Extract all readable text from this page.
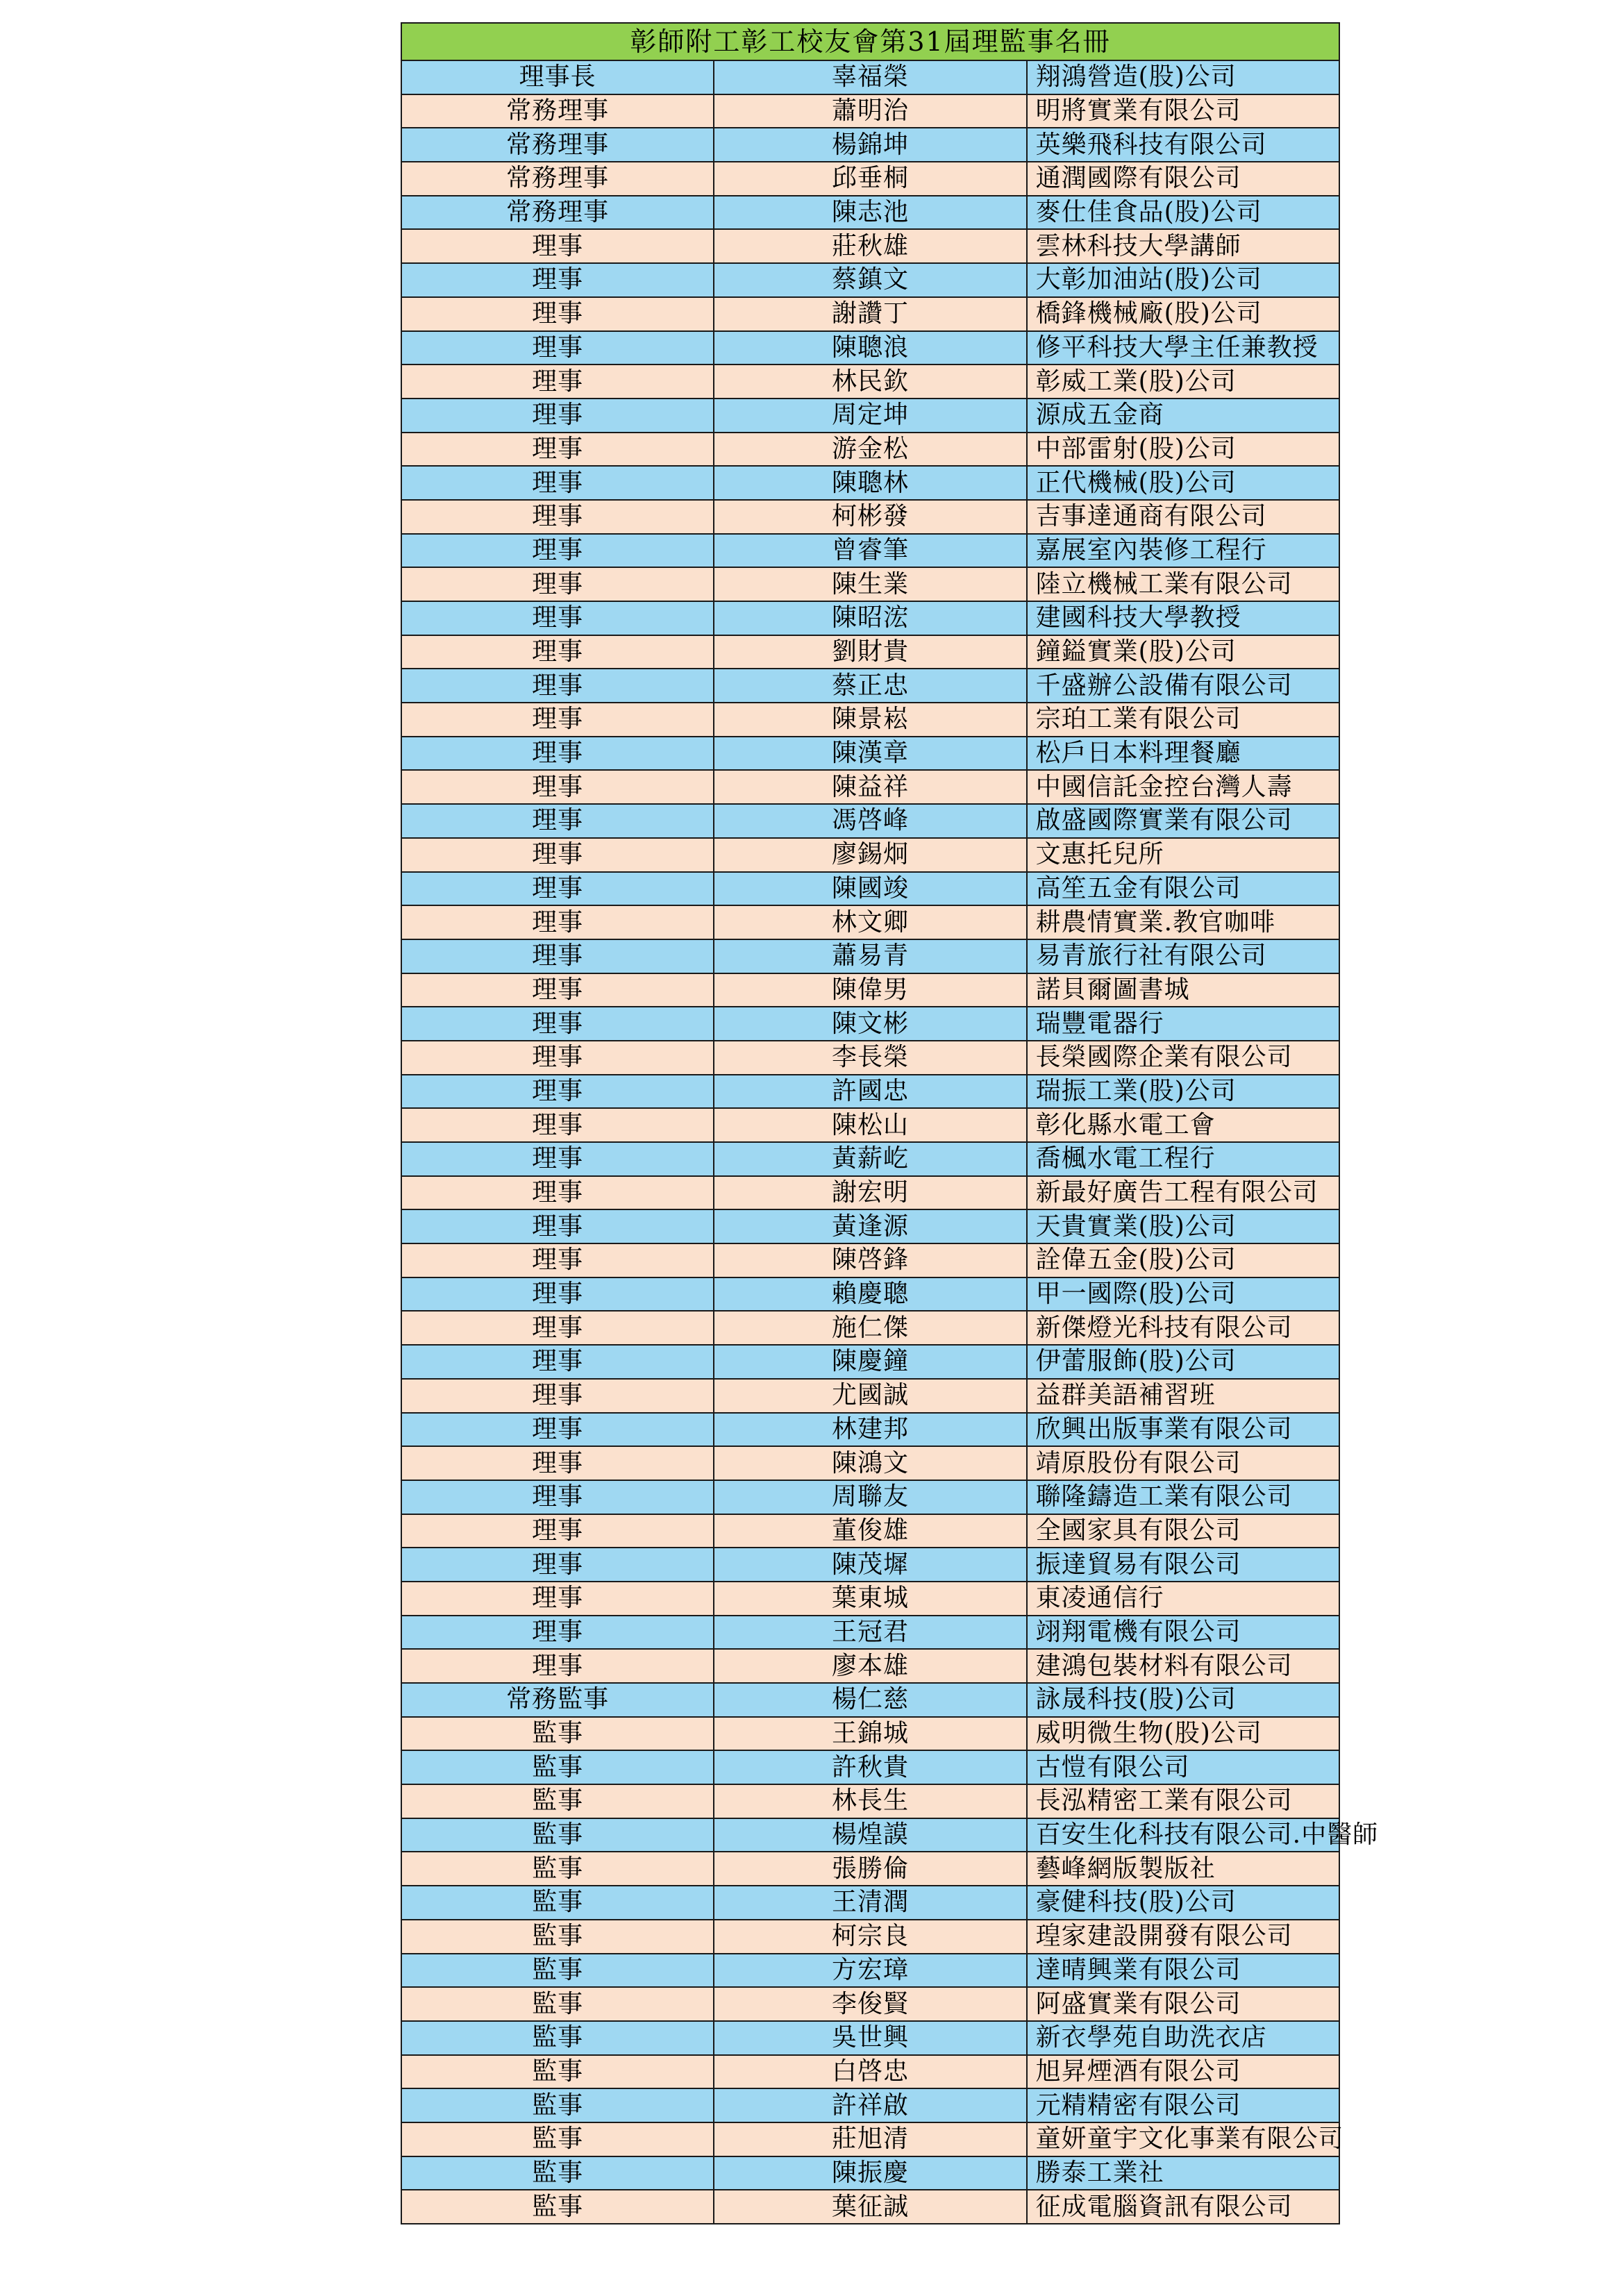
彰師附工彰工校友會第31屆理監事名冊		
理事長	辜福榮	翔鴻營造(股)公司
常務理事	蕭明治	明將實業有限公司
常務理事	楊錦坤	英樂飛科技有限公司
常務理事	邱垂桐	通潤國際有限公司
常務理事	陳志池	麥仕佳食品(股)公司
理事	莊秋雄	雲林科技大學講師
理事	蔡鎮文	大彰加油站(股)公司
理事	謝讚丁	橋鋒機械廠(股)公司
理事	陳聰浪	修平科技大學主任兼教授
理事	林民欽	彰威工業(股)公司
理事	周定坤	源成五金商
理事	游金松	中部雷射(股)公司
理事	陳聰林	正代機械(股)公司
理事	柯彬發	吉事達通商有限公司
理事	曾睿筆	嘉展室內裝修工程行
理事	陳生業	陸立機械工業有限公司
理事	陳昭浤	建國科技大學教授
理事	劉財貴	鐘鎰實業(股)公司
理事	蔡正忠	千盛辦公設備有限公司
理事	陳景崧	宗珀工業有限公司
理事	陳漢章	松戶日本料理餐廳
理事	陳益祥	中國信託金控台灣人壽
理事	馮啓峰	啟盛國際實業有限公司
理事	廖錫炯	文惠托兒所
理事	陳國竣	高笙五金有限公司
理事	林文卿	耕農情實業.教官咖啡
理事	蕭易青	易青旅行社有限公司
理事	陳偉男	諾貝爾圖書城
理事	陳文彬	瑞豐電器行
理事	李長榮	長榮國際企業有限公司
理事	許國忠	瑞振工業(股)公司
理事	陳松山	彰化縣水電工會
理事	黃薪屹	喬楓水電工程行
理事	謝宏明	新最好廣告工程有限公司
理事	黃逢源	天貴實業(股)公司
理事	陳啓鋒	詮偉五金(股)公司
理事	賴慶聰	甲一國際(股)公司
理事	施仁傑	新傑燈光科技有限公司
理事	陳慶鐘	伊蕾服飾(股)公司
理事	尤國誠	益群美語補習班
理事	林建邦	欣興出版事業有限公司
理事	陳鴻文	靖原股份有限公司
理事	周聯友	聯隆鑄造工業有限公司
理事	董俊雄	全國家具有限公司
理事	陳茂墀	振達貿易有限公司
理事	葉東城	東凌通信行
理事	王冠君	翊翔電機有限公司
理事	廖本雄	建鴻包裝材料有限公司
常務監事	楊仁慈	詠晟科技(股)公司
監事	王錦城	威明微生物(股)公司
監事	許秋貴	古愷有限公司
監事	林長生	長泓精密工業有限公司
監事	楊煌謨	百安生化科技有限公司.中醫師
監事	張勝倫	藝峰網版製版社
監事	王清潤	豪健科技(股)公司
監事	柯宗良	瑝家建設開發有限公司
監事	方宏璋	達晴興業有限公司
監事	李俊賢	阿盛實業有限公司
監事	吳世興	新衣學苑自助洗衣店
監事	白啓忠	旭昇煙酒有限公司
監事	許祥啟	元精精密有限公司
監事	莊旭清	童妍童宇文化事業有限公司
監事	陳振慶	勝泰工業社
監事	葉征誠	征成電腦資訊有限公司
